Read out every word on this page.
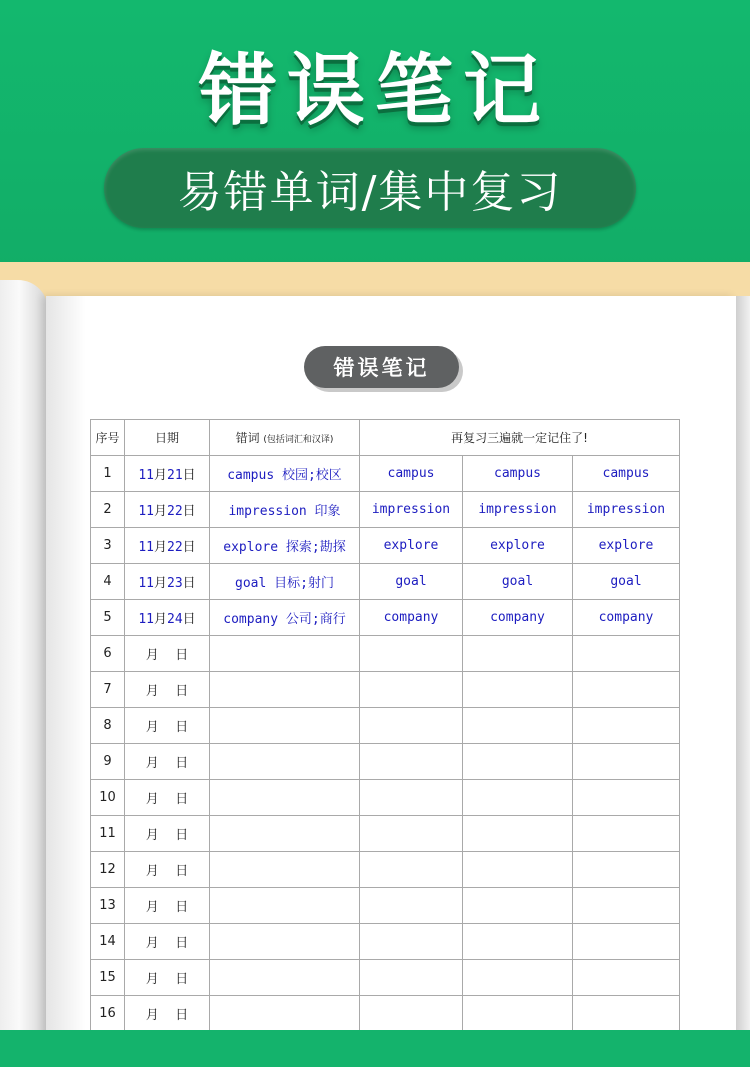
错误笔记
易错单词/集中复习
错误笔记
序号	日期	错词 (包括词汇和汉译)	再复习三遍就一定记住了!		
1	11月21日	campus 校园;校区	campus	campus	campus
2	11月22日	impression 印象	impression	impression	impression
3	11月22日	explore 探索;勘探	explore	explore	explore
4	11月23日	goal 目标;射门	goal	goal	goal
5	11月24日	company 公司;商行	company	company	company
6	月 日				
7	月 日				
8	月 日				
9	月 日				
10	月 日				
11	月 日				
12	月 日				
13	月 日				
14	月 日				
15	月 日				
16	月 日				
